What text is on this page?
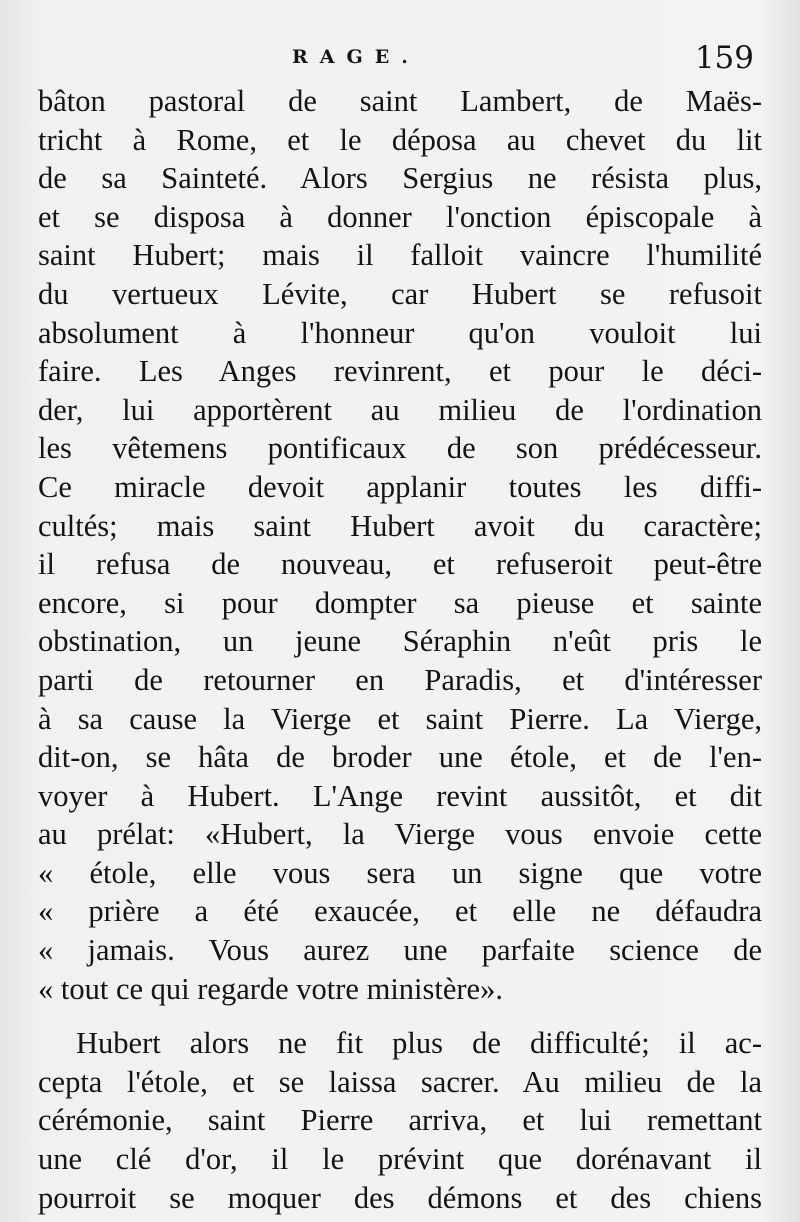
RAGE.	159
bâton pastoral de saint Lambert, de Maës-
tricht à Rome, et le déposa au chevet du lit
de sa Sainteté. Alors Sergius ne résista plus,
et se disposa à donner l'onction épiscopale à
saint Hubert; mais il falloit vaincre l'humilité
du vertueux Lévite, car Hubert se refusoit
absolument à l'honneur qu'on vouloit lui
faire. Les Anges revinrent, et pour le déci-
der, lui apportèrent au milieu de l'ordination
les vêtemens pontificaux de son prédécesseur.
Ce miracle devoit applanir toutes les diffi-
cultés; mais saint Hubert avoit du caractère;
il refusa de nouveau, et refuseroit peut-être
encore, si pour dompter sa pieuse et sainte
obstination, un jeune Séraphin n'eût pris le
parti de retourner en Paradis, et d'intéresser
à sa cause la Vierge et saint Pierre. La Vierge,
dit-on, se hâta de broder une étole, et de l'en-
voyer à Hubert. L'Ange revint aussitôt, et dit
au prélat: «Hubert, la Vierge vous envoie cette
« étole, elle vous sera un signe que votre
« prière a été exaucée, et elle ne défaudra
« jamais. Vous aurez une parfaite science de
« tout ce qui regarde votre ministère».
Hubert alors ne fit plus de difficulté; il ac-
cepta l'étole, et se laissa sacrer. Au milieu de la
cérémonie, saint Pierre arriva, et lui remettant
une clé d'or, il le prévint que dorénavant il
pourroit se moquer des démons et des chiens
